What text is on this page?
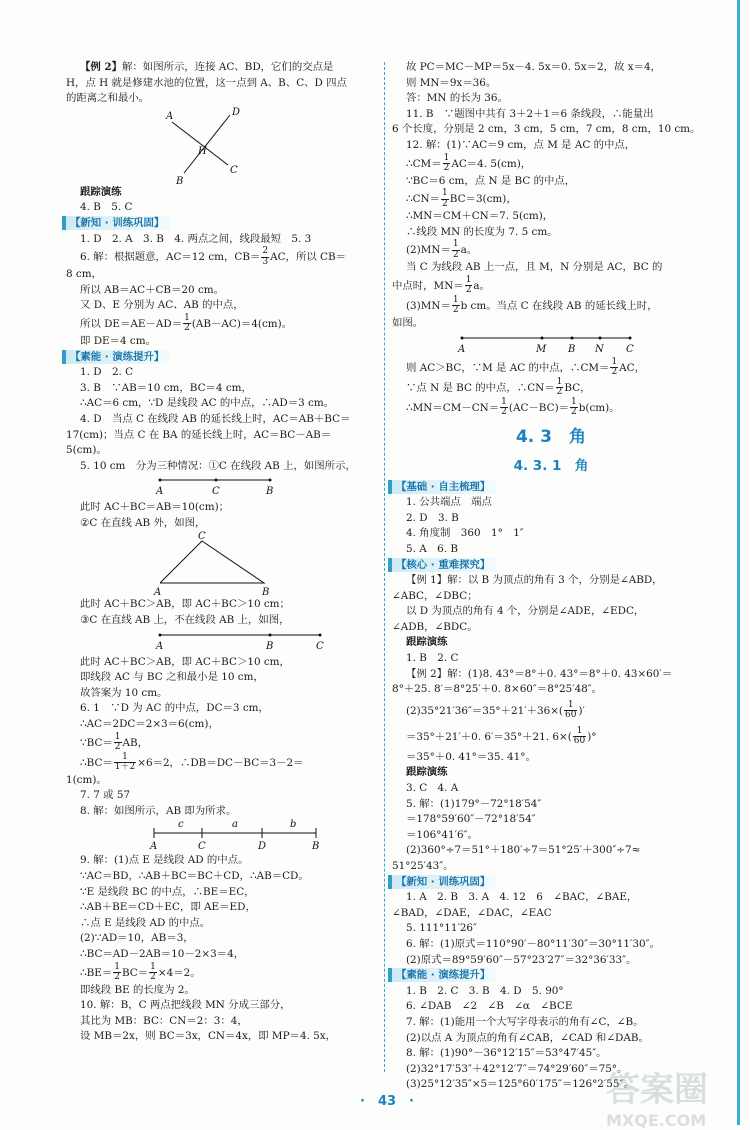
【例 2】解：如图所示，连接 AC、BD，它们的交点是

H，点 H 就是修建水池的位置，这一点到 A、B、C、D 四点

的距离之和最小。

A	D
H
C
B

跟踪演练

4. B　5. C

【新知 · 训练巩固】

1. D　2. A　3. B　4. 两点之间，线段最短　5. 3

6. 解：根据题意，AC＝12 cm，$CB= \frac{2}{3}$ AC，所以 CB＝

8 cm，

所以 AB＝AC＋CB＝20 cm。

又 D、E 分别为 AC、AB 的中点，

所以 $DE=AE-AD= \frac{1}{2} (AB-AC)=4(cm)$。

即 DE＝4 cm。

【素能 · 演练提升】

1. D　2. C

3. B　∵AB＝10 cm，BC＝4 cm，

∴AC＝6 cm，∵D 是线段 AC 的中点，∴AD＝3 cm。

4. D　当点 C 在线段 AB 的延长线上时，AC＝AB＋BC＝

17(cm)；当点 C 在 BA 的延长线上时，AC＝BC－AB＝

5(cm)。

5. 10 cm　分为三种情况：①C 在线段 AB 上，如图所示，

A	C	B

此时 AC＋BC＝AB＝10(cm)；

②C 在直线 AB 外，如图，

C
A	B

此时 AC＋BC＞AB，即 AC＋BC＞10 cm；

③C 在直线 AB 上，不在线段 AB 上，如图，

A	B	C

此时 AC＋BC＞AB，即 AC＋BC＞10 cm，

即线段 AC 与 BC 之和最小是 10 cm，

故答案为 10 cm。

6. 1　∵D 为 AC 的中点，DC＝3 cm，

∴AC＝2DC＝2×3＝6(cm)，

∵BC＝ $\frac{1}{2}$ AB，

∴BC＝ $\frac{1}{1+2} \times 6=2$，∴DB＝DC－BC＝3－2＝

1(cm)。

7. 7 或 57

8. 解：如图所示，AB 即为所求。

c	a	b
A	C	D	B

9. 解：(1)点 E 是线段 AD 的中点。

∵AC＝BD，∴AB＋BC＝BC＋CD，∴AB＝CD。

∵E 是线段 BC 的中点，∴BE＝EC，

∴AB＋BE＝CD＋EC，即 AE＝ED，

∴点 E 是线段 AD 的中点。

(2)∵AD＝10，AB＝3，

∴BC＝AD－2AB＝10－2×3＝4，

∴BE＝ $\frac{1}{2} BC= \frac{1}{2} \times 4=2$。

即线段 BE 的长度为 2。

10. 解：B，C 两点把线段 MN 分成三部分，

其比为 MB：BC：CN＝2：3：4，

设 MB＝2x，则 BC＝3x，CN＝4x，即 MP＝4. 5x，

故 PC＝MC－MP＝5x－4. 5x＝0. 5x＝2，故 x＝4，

则 MN＝9x＝36。

答：MN 的长为 36。

11. B　∵题图中共有 3＋2＋1＝6 条线段，∴能量出

6 个长度，分别是 2 cm，3 cm，5 cm，7 cm，8 cm，10 cm。

12. 解：(1)∵AC＝9 cm，点 M 是 AC 的中点，

∴CM＝ $\frac{1}{2} AC=4$. 5(cm)，

∵BC＝6 cm，点 N 是 BC 的中点，

∴CN＝ $\frac{1}{2} BC=3(cm)$，

∴MN＝CM＋CN＝7. 5(cm)，

∴线段 MN 的长度为 7. 5 cm。

$(2)MN= \frac{1}{2}$ a。

当 C 为线段 AB 上一点，且 M，N 分别是 AC，BC 的

中点时，$MN= \frac{1}{2}$ a。

$(3)MN= \frac{1}{2}$ b cm。当点 C 在线段 AB 的延长线上时，

如图。

A	M B N C

则 AC＞BC，∵M 是 AC 的中点，∴CM＝ $\frac{1}{2}$ AC，

∵点 N 是 BC 的中点，∴CN＝ $\frac{1}{2}$ BC，

∴MN＝CM－CN＝ $\frac{1}{2} (AC-BC)= \frac{1}{2} b(cm)$。

4. 3　角
4. 3. 1　角
【基础 · 自主梳理】

1. 公共端点　端点

2. D　3. B

4. 角度制　360　1°　1″

5. A　6. B

【核心 · 重难探究】

【例 1】解：以 B 为顶点的角有 3 个，分别是∠ABD，

∠ABC，∠DBC；

以 D 为顶点的角有 4 个，分别是∠ADE，∠EDC，

∠ADB，∠BDC。

跟踪演练

1. B　2. C

【例 2】解：(1)8. 43°＝8°＋0. 43°＝8°＋0. 43×60′＝

8°＋25. 8′＝8°25′＋0. 8×60″＝8°25′48″。

$(2)35^\circ 21'36''=35^\circ+21'+36\times( \frac{1}{60}$ )′

＝35°＋21′＋0. 6′＝35°＋21. $6\times( \frac{1}{60}$ )°

＝35°＋0. 41°＝35. 41°。

跟踪演练

3. C　4. A

5. 解：(1)179°－72°18′54″

＝178°59′60″－72°18′54″

＝106°41′6″。

(2)360°÷7＝51°＋180′÷7＝51°25′＋300″÷7≈

51°25′43″。

【新知 · 训练巩固】

1. A　2. B　3. A　4. 12　6　∠BAC，∠BAE，

∠BAD，∠DAE，∠DAC，∠EAC

5. 111°11′26″

6. 解：(1)原式＝110°90′－80°11′30″＝30°11′30″。

(2)原式＝89°59′60″－57°23′27″＝32°36′33″。

【素能 · 演练提升】

1. B　2. C　3. B　4. D　5. 90°

6. ∠DAB　∠2　∠B　∠α　∠BCE

7. 解：(1)能用一个大写字母表示的角有∠C，∠B。

(2)以点 A 为顶点的角有∠CAB，∠CAD 和∠DAB。

8. 解：(1)90°－36°12′15″＝53°47′45″。

(2)32°17′53″＋42°12′7″＝74°29′60″＝75°。

(3)25°12′35″×5＝125°60′175″＝126°2′55″。

·　43　·	答案圈
MXQE.COM
